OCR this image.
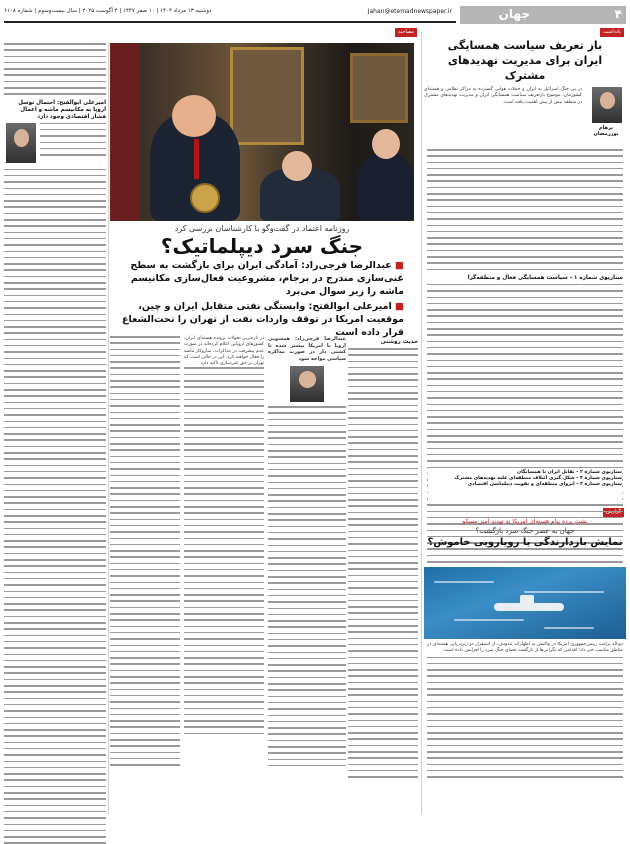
۴
جهان
Jahan@etemadnewspaper.ir
دوشنبه ۱۳ مرداد ۱۴۰۴ | ۱۰ صفر ۱۴۴۷ | ۴ آگوست ۲۰۲۵ | سال بیست‌و‌سوم | شماره ۶۱۰۸
یادداشت
مصاحبه
باز تعریف سیاست همسایگی ایران برای مدیریت تهدیدهای مشترک
پرهام پوررمضان
در پی جنگ اسرائیل به ایران و حملات هوایی گسترده به مراکز نظامی و هسته‌ای کشورمان، موضوع بازتعریف سیاست همسایگی ایران و مدیریت تهدیدهای مشترک در منطقه بیش از پیش اهمیت یافته است.
سناریوی شماره ۱ - سیاست همسایگی فعال و منطقه‌گرا
روزنامه اعتماد در گفت‌وگو با کارشناسان بررسی کرد
جنگ سرد دیپلماتیک؟
■ عبدالرضا فرجی‌راد: آمادگی ایران برای بازگشت به سطح غنی‌سازی مندرج در برجام، مشروعیت فعال‌سازی مکانیسم ماشه را زیر سوال می‌برد
■ امیرعلی ابوالفتح: وابستگی نفتی متقابل ایران و چین، موقعیت امریکا در توقف واردات نفت از تهران را تحت‌الشعاع قرار داده است
حدیث روشنی
عبدالرضا فرجی‌راد: همسویی اروپا با امریکا بیشتر شده تا کشتی دار در صورت مذاکره سیاسی مواجه شود
در تازه‌ترین تحولات پرونده هسته‌ای ایران، کشورهای اروپایی اعلام کرده‌اند در صورت عدم پیشرفت در مذاکرات، سازوکار ماشه را فعال خواهند کرد. این در حالی است که تهران بر حق غنی‌سازی تاکید دارد.
امیرعلی ابوالفتح: احتمال توسل اروپا به مکانیسم ماشه و اعمال فشار اقتصادی وجود دارد
پشت پرده پیام هسته‌ای امریکا به تهدید آمیز مسکو
جهان به عصر جنگ سرد بازگشت؟
نمایش بازدارندگی یا رویارویی خاموش؟
دونالد ترامپ رییس‌جمهوری امریکا در واکنش به اظهارات مدودف، از استقرار دو زیردریایی هسته‌ای در مناطق مناسب خبر داد؛ اقدامی که نگرانی‌ها از بازگشت فضای جنگ سرد را افزایش داده است.
سناریوی شماره ۲ - تقابل ایران با همسایگان
سناریوی شماره ۳ - شکل گیری ائتلاف منطقه‌ای علیه تهدیدهای مشترک
سناریوی شماره ۴ - انزوای منطقه‌ای و تقویت دیپلماسی اقتصادی
